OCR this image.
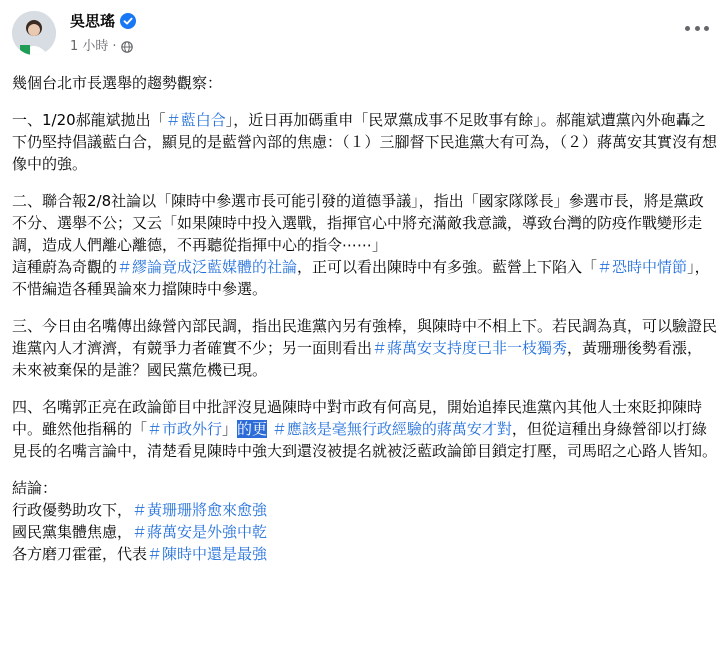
吳思瑤
1 小時 ·

幾個台北市長選舉的趨勢觀察：

一、1/20郝龍斌拋出「＃藍白合」，近日再加碼重申「民眾黨成事不足敗事有餘」。郝龍斌遭黨內外砲轟之下仍堅持倡議藍白合，顯見的是藍營內部的焦慮：（１）三腳督下民進黨大有可為，（２）蔣萬安其實沒有想像中的強。

二、聯合報2/8社論以「陳時中參選市長可能引發的道德爭議」，指出「國家隊隊長」參選市長，將是黨政不分、選舉不公；又云「如果陳時中投入選戰，指揮官心中將充滿敵我意識，導致台灣的防疫作戰變形走調，造成人們離心離德，不再聽從指揮中心的指令⋯⋯」
這種蔚為奇觀的＃繆論竟成泛藍媒體的社論，正可以看出陳時中有多強。藍營上下陷入「＃恐時中情節」，不惜編造各種異論來力擋陳時中參選。

三、今日由名嘴傳出綠營內部民調，指出民進黨內另有強棒，與陳時中不相上下。若民調為真，可以驗證民進黨內人才濟濟，有競爭力者確實不少；另一面則看出＃蔣萬安支持度已非一枝獨秀，黃珊珊後勢看漲，未來被棄保的是誰？國民黨危機已現。

四、名嘴郭正亮在政論節目中批評沒見過陳時中對市政有何高見，開始追捧民進黨內其他人士來貶抑陳時中。雖然他指稱的「＃市政外行」的更 ＃應該是毫無行政經驗的蔣萬安才對，但從這種出身綠營卻以打綠見長的名嘴言論中，清楚看見陳時中強大到還沒被提名就被泛藍政論節目鎖定打壓，司馬昭之心路人皆知。

結論：
行政優勢助攻下，＃黃珊珊將愈來愈強
國民黨集體焦慮，＃蔣萬安是外強中乾
各方磨刀霍霍，代表＃陳時中還是最強
